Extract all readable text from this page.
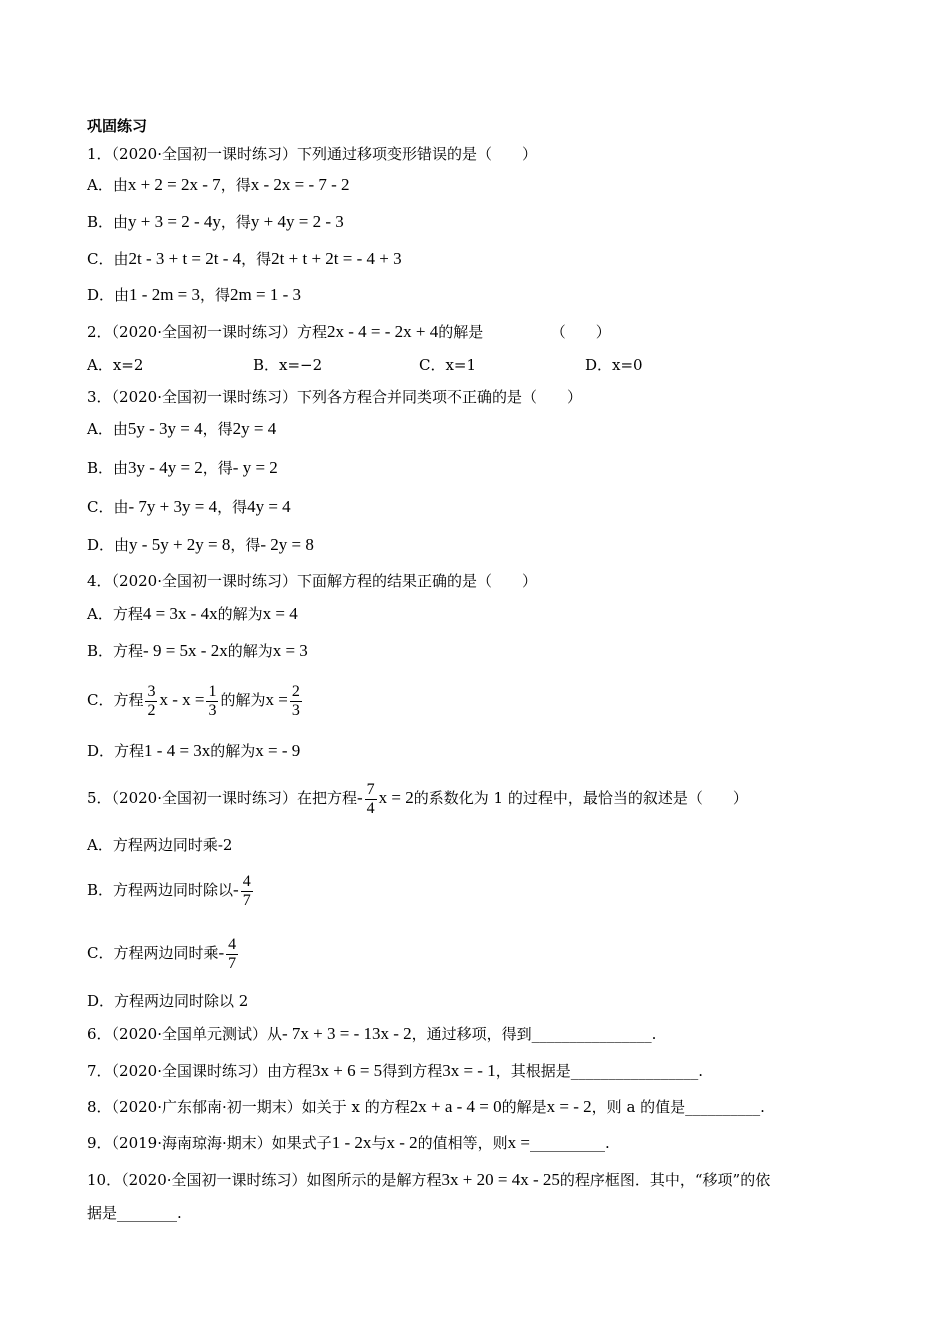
巩固练习
1．（2020·全国初一课时练习）下列通过移项变形错误的是（　　）
A．由x + 2 = 2x - 7，得x - 2x = - 7 - 2
B．由y + 3 = 2 - 4y，得y + 4y = 2 - 3
C．由2t - 3 + t = 2t - 4，得2t + t + 2t = - 4 + 3
D．由1 - 2m = 3，得2m = 1 - 3
2．（2020·全国初一课时练习）方程2x - 4 = - 2x + 4的解是　　　　　（　　）
A．x=2	B．x=−2	C．x=1	D．x=0
3．（2020·全国初一课时练习）下列各方程合并同类项不正确的是（　　）
A．由5y - 3y = 4，得2y = 4
B．由3y - 4y = 2，得- y = 2
C．由- 7y + 3y = 4，得4y = 4
D．由y - 5y + 2y = 8，得- 2y = 8
4．（2020·全国初一课时练习）下面解方程的结果正确的是（　　）
A．方程4 = 3x - 4x的解为x = 4
B．方程- 9 = 5x - 2x的解为x = 3
C．方程 $\frac{3}{2}$ $x - x = \frac{1}{3}$ 的解为$x = \frac{2}{3}$
D．方程1 - 4 = 3x的解为x = - 9
5．（2020·全国初一课时练习）在把方程- $\frac{7}{4}$ x = 2的系数化为 1 的过程中，最恰当的叙述是（　　）
A．方程两边同时乘-2
B．方程两边同时除以- $\frac{4}{7}$
C．方程两边同时乘- $\frac{4}{7}$
D．方程两边同时除以 2
6．（2020·全国单元测试）从- 7x + 3 = - 13x - 2，通过移项，得到________________.
7．（2020·全国课时练习）由方程3x + 6 = 5得到方程3x = - 1，其根据是_________________.
8．（2020·广东郁南·初一期末）如关于 x 的方程2x + a - 4 = 0的解是x = - 2，则 a 的值是__________.
9．（2019·海南琼海·期末）如果式子1 - 2x与x - 2的值相等，则x =__________.
10．（2020·全国初一课时练习）如图所示的是解方程3x + 20 = 4x - 25的程序框图．其中，“移项”的依
据是________.
